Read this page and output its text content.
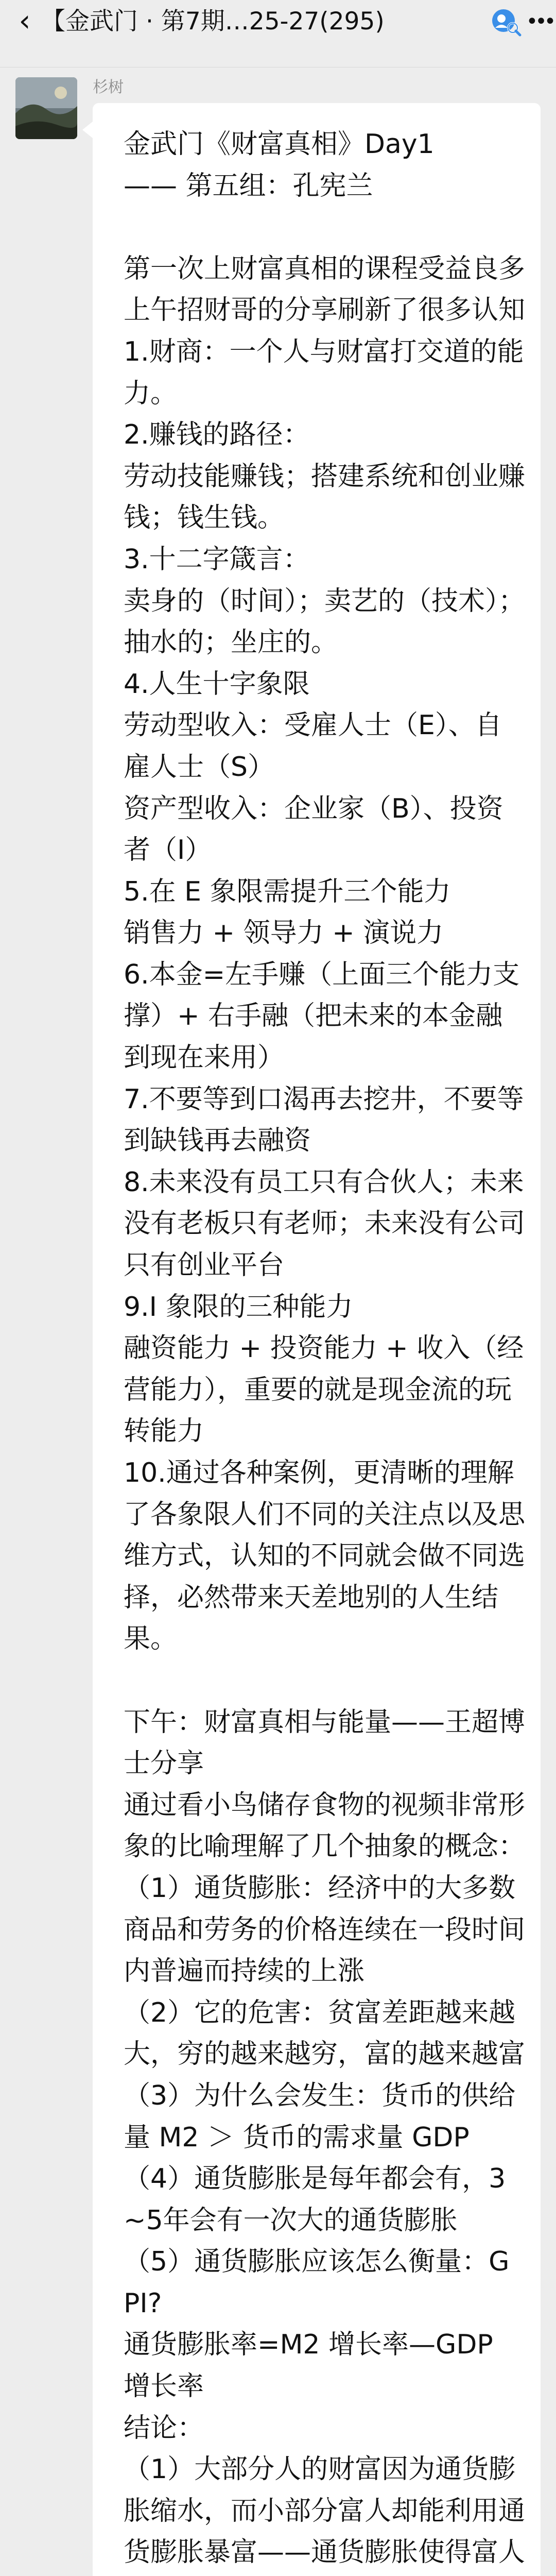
‹ 【金武门 · 第7期…25-27(295)	•••
杉树
金武门《财富真相》Day1
—— 第五组：孔宪兰

第一次上财富真相的课程受益良多上午招财哥的分享刷新了很多认知1.财商：一个人与财富打交道的能力。
2.赚钱的路径：
劳动技能赚钱；搭建系统和创业赚钱；钱生钱。
3.十二字箴言：
卖身的（时间）；卖艺的（技术）；抽水的；坐庄的。
4.人生十字象限
劳动型收入：受雇人士（E）、自雇人士（S）
资产型收入：企业家（B）、投资者（I）
5.在 E 象限需提升三个能力
销售力 + 领导力 + 演说力
6.本金=左手赚（上面三个能力支撑）+ 右手融（把未来的本金融到现在来用）
7.不要等到口渴再去挖井，不要等到缺钱再去融资
8.未来没有员工只有合伙人；未来没有老板只有老师；未来没有公司只有创业平台
9.I 象限的三种能力
融资能力 + 投资能力 + 收入（经营能力），重要的就是现金流的玩转能力
10.通过各种案例，更清晰的理解了各象限人们不同的关注点以及思维方式，认知的不同就会做不同选择，必然带来天差地别的人生结果。

下午：财富真相与能量——王超博士分享
通过看小鸟储存食物的视频非常形象的比喻理解了几个抽象的概念：
（1）通货膨胀：经济中的大多数商品和劳务的价格连续在一段时间内普遍而持续的上涨
（2）它的危害：贫富差距越来越大，穷的越来越穷，富的越来越富
（3）为什么会发生：货币的供给量 M2 ＞ 货币的需求量 GDP
（4）通货膨胀是每年都会有，3~5年会有一次大的通货膨胀
（5）通货膨胀应该怎么衡量：GPI?
通货膨胀率=M2 增长率—GDP 增长率
结论：
（1）大部分人的财富因为通货膨胀缩水，而小部分富人却能利用通货膨胀暴富——通货膨胀使得富人
